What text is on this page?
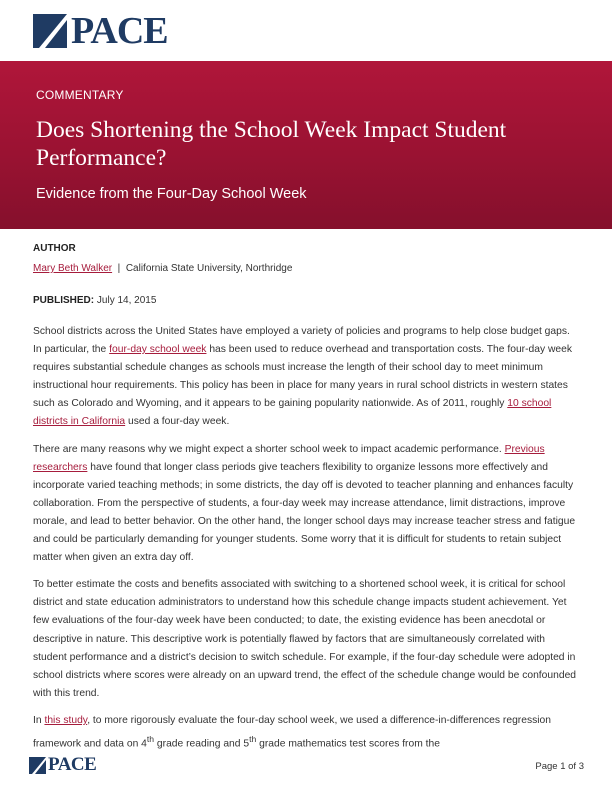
PACE
COMMENTARY
Does Shortening the School Week Impact Student Performance?
Evidence from the Four-Day School Week
AUTHOR
Mary Beth Walker | California State University, Northridge
PUBLISHED: July 14, 2015

School districts across the United States have employed a variety of policies and programs to help close budget gaps. In particular, the four-day school week has been used to reduce overhead and transportation costs. The four-day week requires substantial schedule changes as schools must increase the length of their school day to meet minimum instructional hour requirements. This policy has been in place for many years in rural school districts in western states such as Colorado and Wyoming, and it appears to be gaining popularity nationwide. As of 2011, roughly 10 school districts in California used a four-day week.

There are many reasons why we might expect a shorter school week to impact academic performance. Previous researchers have found that longer class periods give teachers flexibility to organize lessons more effectively and incorporate varied teaching methods; in some districts, the day off is devoted to teacher planning and enhances faculty collaboration. From the perspective of students, a four-day week may increase attendance, limit distractions, improve morale, and lead to better behavior. On the other hand, the longer school days may increase teacher stress and fatigue and could be particularly demanding for younger students. Some worry that it is difficult for students to retain subject matter when given an extra day off.

To better estimate the costs and benefits associated with switching to a shortened school week, it is critical for school district and state education administrators to understand how this schedule change impacts student achievement. Yet few evaluations of the four-day week have been conducted; to date, the existing evidence has been anecdotal or descriptive in nature. This descriptive work is potentially flawed by factors that are simultaneously correlated with student performance and a district’s decision to switch schedule. For example, if the four-day schedule were adopted in school districts where scores were already on an upward trend, the effect of the schedule change would be confounded with this trend.

In this study, to more rigorously evaluate the four-day school week, we used a difference-in-differences regression framework and data on 4th grade reading and 5th grade mathematics test scores from the

PACE	Page 1 of 3
